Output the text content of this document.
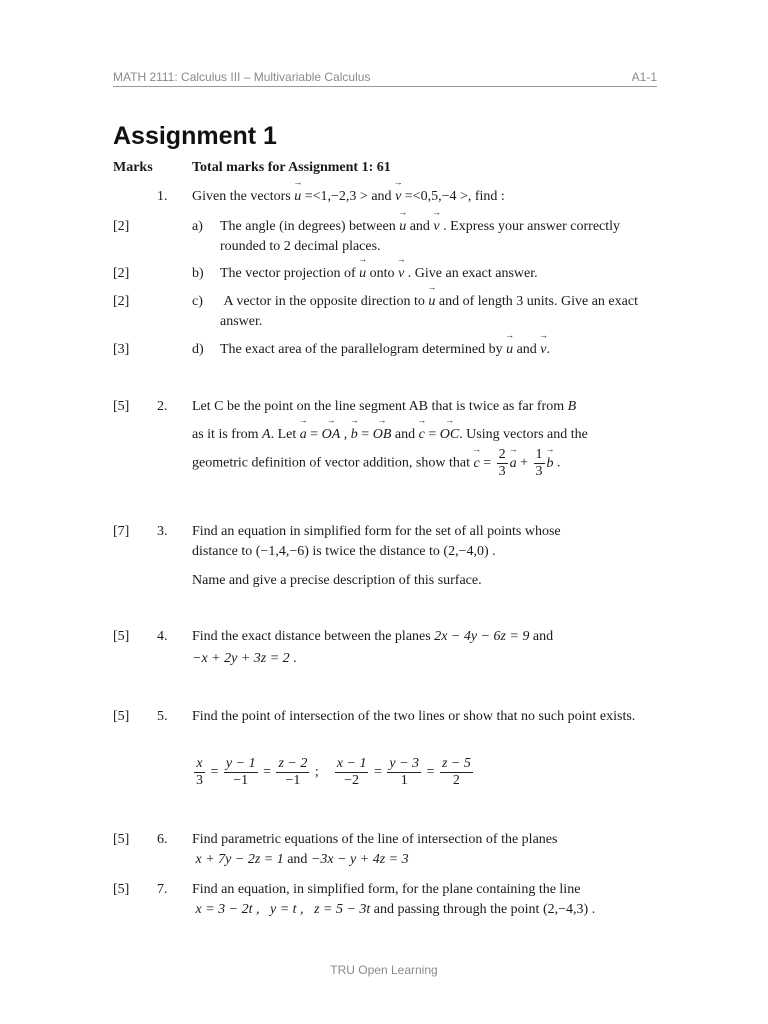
MATH 2111: Calculus III – Multivariable Calculus	A1-1
Assignment 1
Marks	Total marks for Assignment 1: 61
1. Given the vectors → u =<1,−2,3 > and → v =<0,5,−4 >, find :
[2]	a) The angle (in degrees) between → u and → v . Express your answer correctly rounded to 2 decimal places.
[2]	b) The vector projection of → u onto → v . Give an exact answer.
[2]	c) A vector in the opposite direction to → u and of length 3 units. Give an exact answer.
[3]	d) The exact area of the parallelogram determined by → u and → v.
[5] 2. Let C be the point on the line segment AB that is twice as far from B
as it is from A. Let → a = → OA , → b = → OB and → c = → OC. Using vectors and the
geometric definition of vector addition, show that → $c = \frac{2}{3}$
→ $a + \frac{1}{3}$
→ b .
[7] 3. Find an equation in simplified form for the set of all points whose
distance to (−1,4,−6) is twice the distance to (2,−4,0) .
Name and give a precise description of this surface.
[5] 4. Find the exact distance between the planes 2x − 4y − 6z = 9 and
−x + 2y + 3z = 2 .
[5] 5. Find the point of intersection of the two lines or show that no such point exists.
$\frac{x}{3} = \frac{y - 1}{-1} = \frac{z - 2}{-1}$ ; $\frac{x - 1}{-2} = \frac{y - 3}{1} = \frac{z - 5}{2}$
[5] 6. Find parametric equations of the line of intersection of the planes
x + 7y − 2z = 1 and −3x − y + 4z = 3
[5] 7. Find an equation, in simplified form, for the plane containing the line
x = 3 − 2t , y = t , z = 5 − 3t and passing through the point (2,−4,3) .
TRU Open Learning
